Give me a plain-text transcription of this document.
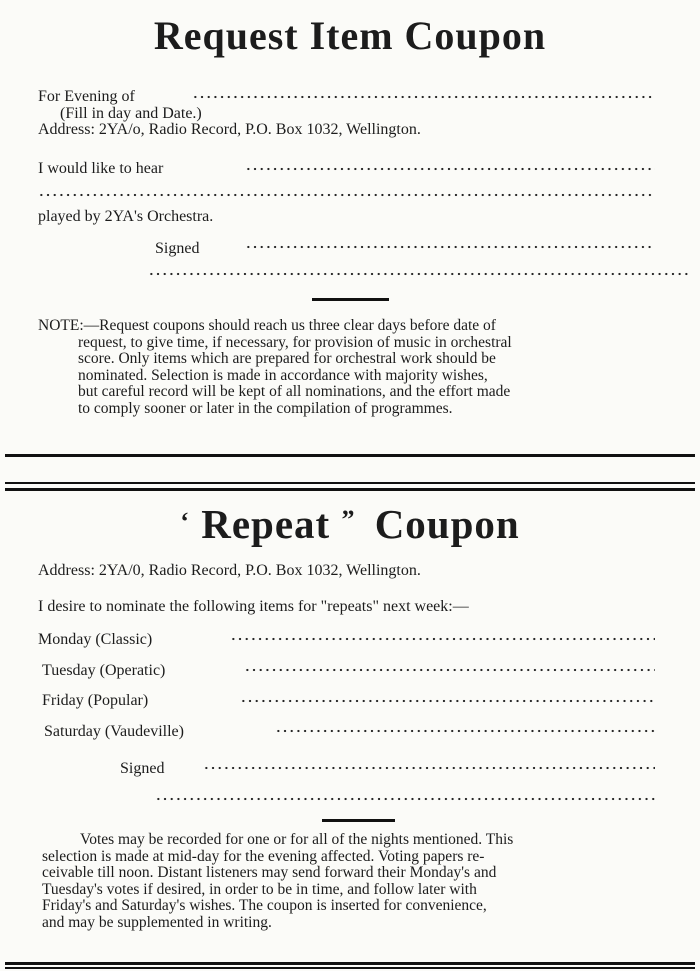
Request Item Coupon
For Evening of
(Fill in day and Date.)
Address: 2YA/o, Radio Record, P.O. Box 1032, Wellington.
I would like to hear
played by 2YA's Orchestra.
Signed
NOTE:—Request coupons should reach us three clear days before date of
request, to give time, if necessary, for provision of music in orchestral
score. Only items which are prepared for orchestral work should be
nominated. Selection is made in accordance with majority wishes,
but careful record will be kept of all nominations, and the effort made
to comply sooner or later in the compilation of programmes.
‘ Repeat ” Coupon
Address: 2YA/0, Radio Record, P.O. Box 1032, Wellington.
I desire to nominate the following items for "repeats" next week:—
Monday (Classic)
Tuesday (Operatic)
Friday (Popular)
Saturday (Vaudeville)
Signed
Votes may be recorded for one or for all of the nights mentioned. This
selection is made at mid-day for the evening affected. Voting papers re-
ceivable till noon. Distant listeners may send forward their Monday's and
Tuesday's votes if desired, in order to be in time, and follow later with
Friday's and Saturday's wishes. The coupon is inserted for convenience,
and may be supplemented in writing.
